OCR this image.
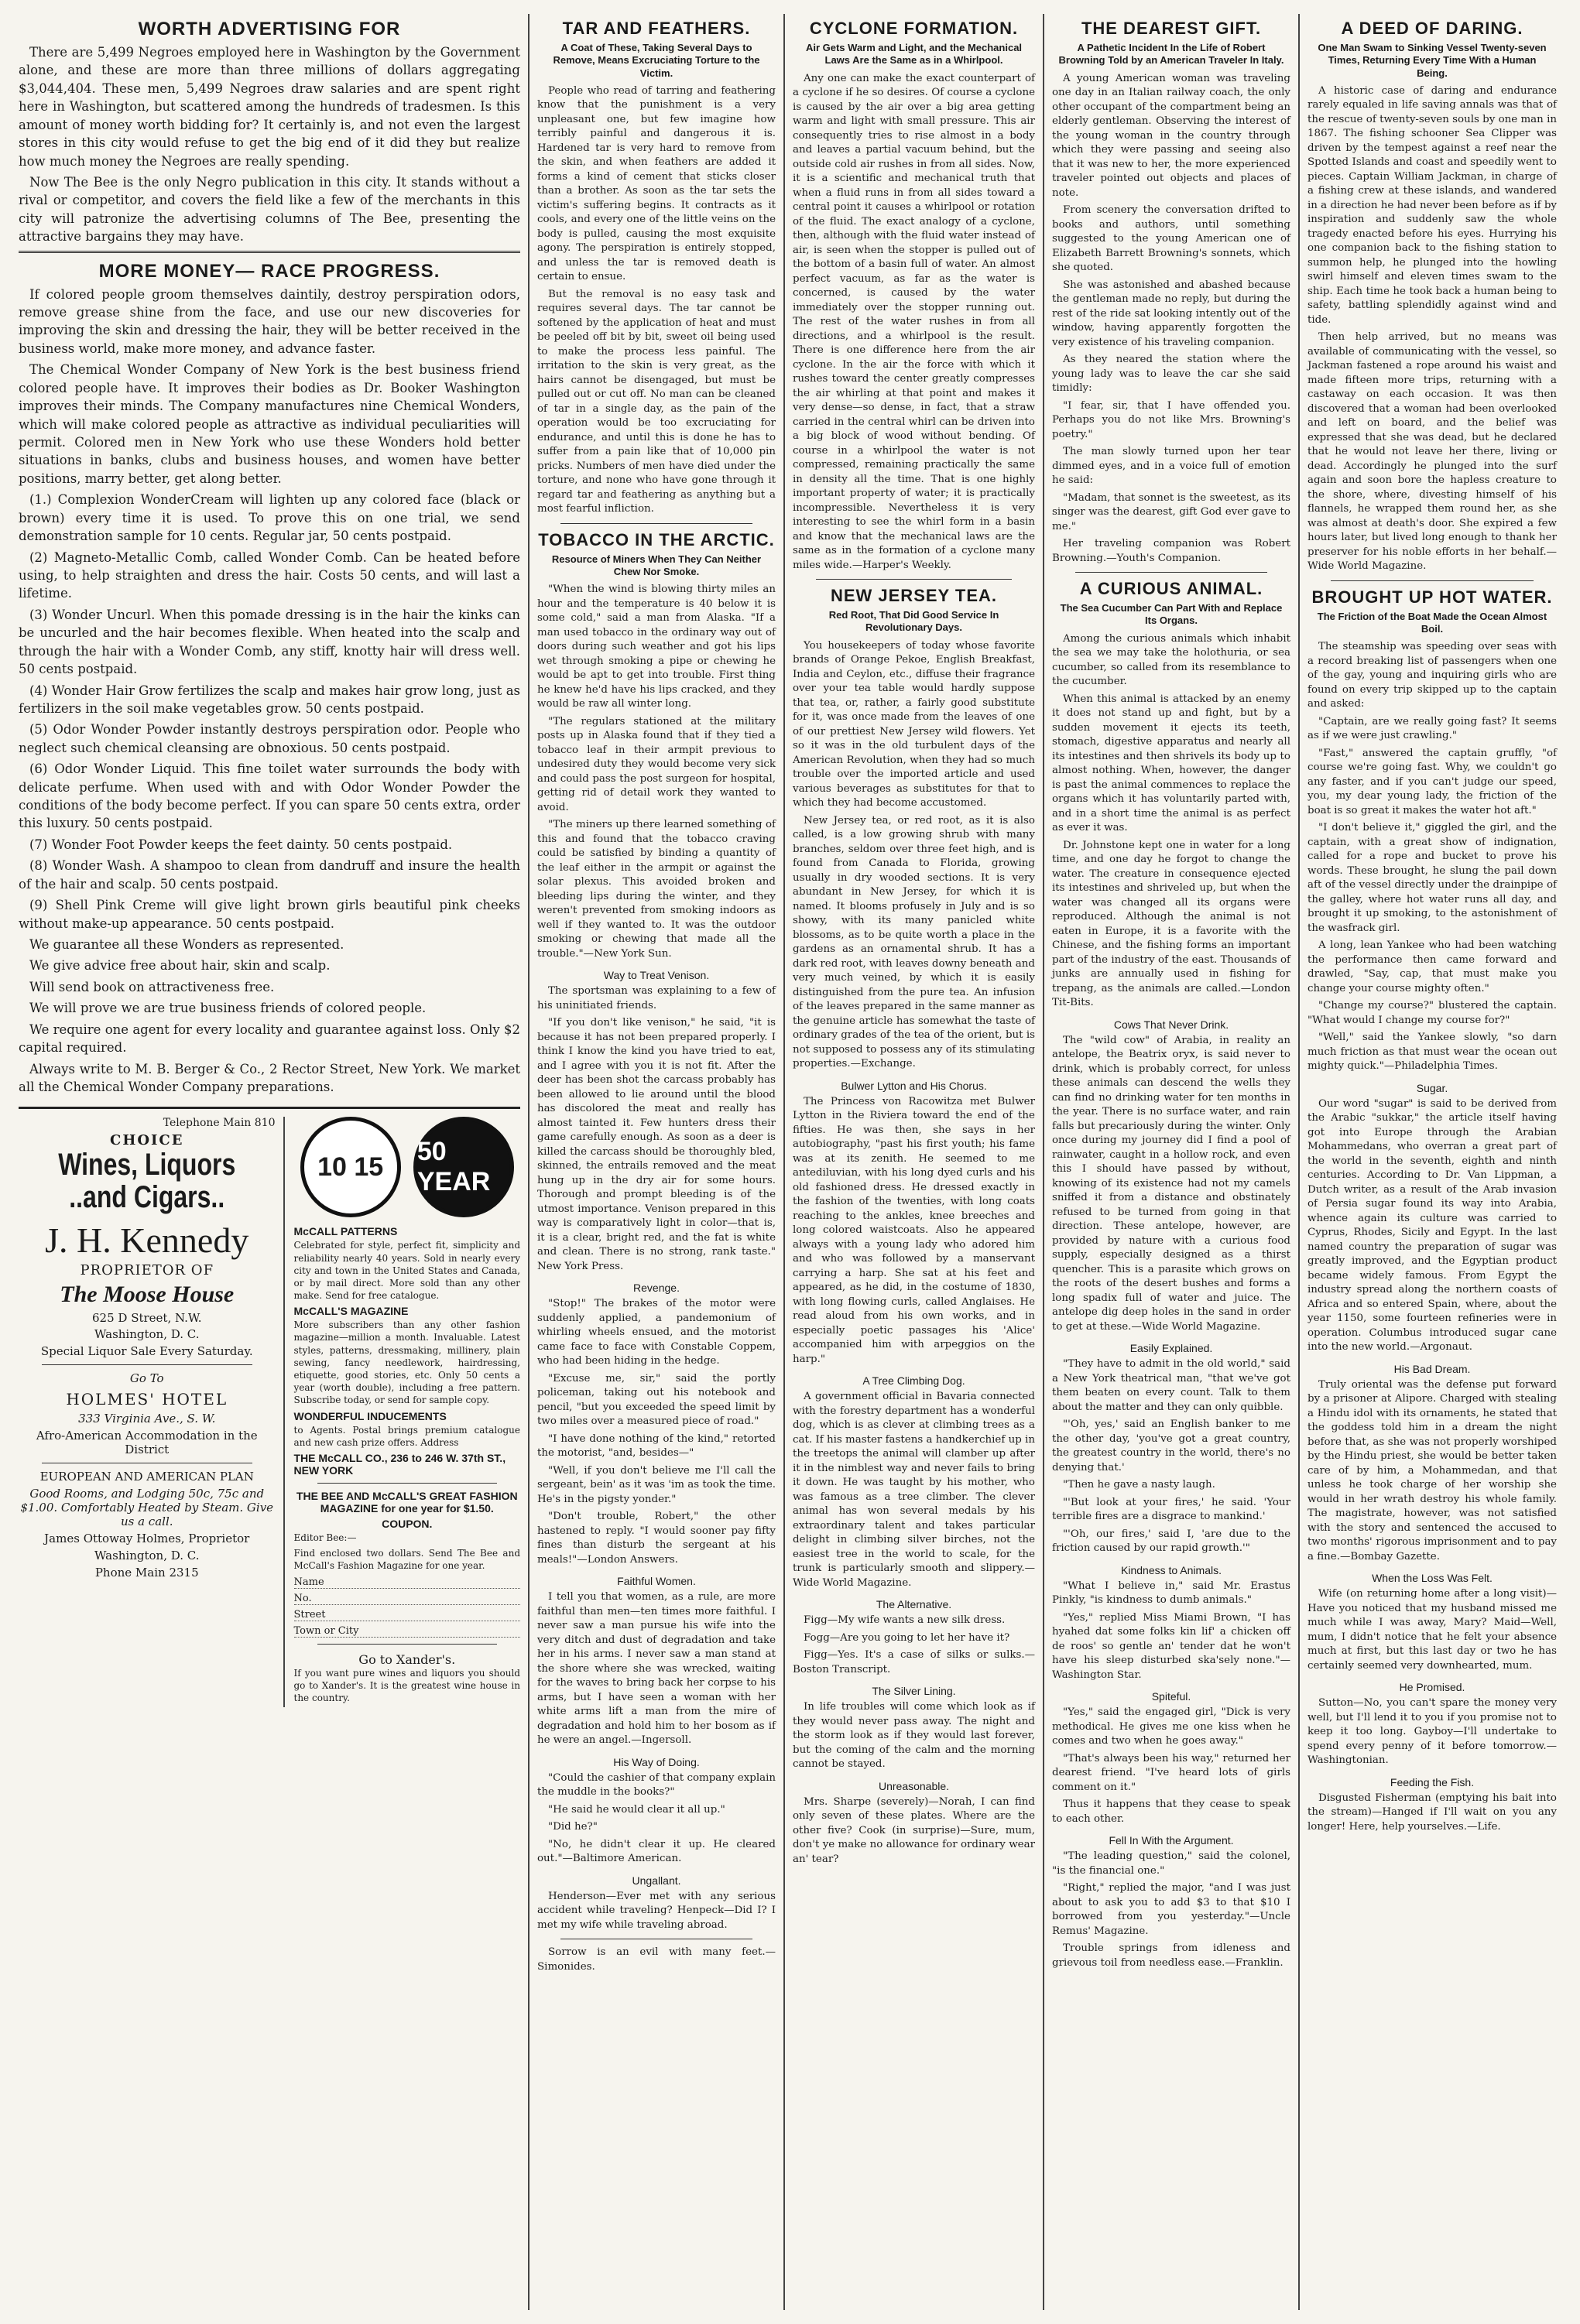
WORTH ADVERTISING FOR

There are 5,499 Negroes employed here in Washington by the Government alone, and these are more than three millions of dollars aggregating $3,044,404. These men, 5,499 Negroes draw salaries and are spent right here in Washington, but scattered among the hundreds of tradesmen. Is this amount of money worth bidding for? It certainly is, and not even the largest stores in this city would refuse to get the big end of it did they but realize how much money the Negroes are really spending.

Now The Bee is the only Negro publication in this city. It stands without a rival or competitor, and covers the field like a few of the merchants in this city will patronize the advertising columns of The Bee, presenting the attractive bargains they may have.

MORE MONEY— RACE PROGRESS.

If colored people groom themselves daintily, destroy perspiration odors, remove grease shine from the face, and use our new discoveries for improving the skin and dressing the hair, they will be better received in the business world, make more money, and advance faster.

The Chemical Wonder Company of New York is the best business friend colored people have. It improves their bodies as Dr. Booker Washington improves their minds. The Company manufactures nine Chemical Wonders, which will make colored people as attractive as individual peculiarities will permit. Colored men in New York who use these Wonders hold better situations in banks, clubs and business houses, and women have better positions, marry better, get along better.

(1.) Complexion WonderCream will lighten up any colored face (black or brown) every time it is used. To prove this on one trial, we send demonstration sample for 10 cents. Regular jar, 50 cents postpaid.

(2) Magneto-Metallic Comb, called Wonder Comb. Can be heated before using, to help straighten and dress the hair. Costs 50 cents, and will last a lifetime.

(3) Wonder Uncurl. When this pomade dressing is in the hair the kinks can be uncurled and the hair becomes flexible. When heated into the scalp and through the hair with a Wonder Comb, any stiff, knotty hair will dress well. 50 cents postpaid.

(4) Wonder Hair Grow fertilizes the scalp and makes hair grow long, just as fertilizers in the soil make vegetables grow. 50 cents postpaid.

(5) Odor Wonder Powder instantly destroys perspiration odor. People who neglect such chemical cleansing are obnoxious. 50 cents postpaid.

(6) Odor Wonder Liquid. This fine toilet water surrounds the body with delicate perfume. When used with and with Odor Wonder Powder the conditions of the body become perfect. If you can spare 50 cents extra, order this luxury. 50 cents postpaid.

(7) Wonder Foot Powder keeps the feet dainty. 50 cents postpaid.

(8) Wonder Wash. A shampoo to clean from dandruff and insure the health of the hair and scalp. 50 cents postpaid.

(9) Shell Pink Creme will give light brown girls beautiful pink cheeks without make-up appearance. 50 cents postpaid.

We guarantee all these Wonders as represented.

We give advice free about hair, skin and scalp.

Will send book on attractiveness free.

We will prove we are true business friends of colored people.

We require one agent for every locality and guarantee against loss. Only $2 capital required.

Always write to M. B. Berger & Co., 2 Rector Street, New York. We market all the Chemical Wonder Company preparations.

Telephone Main 810
CHOICE
Wines, Liquors
..and Cigars..
J. H. Kennedy
PROPRIETOR OF
The Moose House
625 D Street, N.W.
Washington, D. C.
Special Liquor Sale Every Saturday.
Go To
HOLMES' HOTEL
333 Virginia Ave., S. W.
Afro-American Accommodation in the District
EUROPEAN AND AMERICAN PLAN
Good Rooms, and Lodging 50c, 75c and $1.00. Comfortably Heated by Steam. Give us a call.
James Ottoway Holmes, Proprietor
Washington, D. C.
Phone Main 2315
10 15
50 YEAR
McCALL PATTERNS
Celebrated for style, perfect fit, simplicity and reliability nearly 40 years. Sold in nearly every city and town in the United States and Canada, or by mail direct. More sold than any other make. Send for free catalogue.
McCALL'S MAGAZINE
More subscribers than any other fashion magazine—million a month. Invaluable. Latest styles, patterns, dressmaking, millinery, plain sewing, fancy needlework, hairdressing, etiquette, good stories, etc. Only 50 cents a year (worth double), including a free pattern. Subscribe today, or send for sample copy.
WONDERFUL INDUCEMENTS
to Agents. Postal brings premium catalogue and new cash prize offers. Address
THE McCALL CO., 236 to 246 W. 37th ST., NEW YORK
THE BEE AND McCALL'S GREAT FASHION MAGAZINE for one year for $1.50.
COUPON.
Editor Bee:—
Find enclosed two dollars. Send The Bee and McCall's Fashion Magazine for one year.
Name
No.
Street
Town or City
Go to Xander's.
If you want pure wines and liquors you should go to Xander's. It is the greatest wine house in the country.
TAR AND FEATHERS.
A Coat of These, Taking Several Days to Remove, Means Excruciating Torture to the Victim.

People who read of tarring and feathering know that the punishment is a very unpleasant one, but few imagine how terribly painful and dangerous it is. Hardened tar is very hard to remove from the skin, and when feathers are added it forms a kind of cement that sticks closer than a brother. As soon as the tar sets the victim's suffering begins. It contracts as it cools, and every one of the little veins on the body is pulled, causing the most exquisite agony. The perspiration is entirely stopped, and unless the tar is removed death is certain to ensue.

But the removal is no easy task and requires several days. The tar cannot be softened by the application of heat and must be peeled off bit by bit, sweet oil being used to make the process less painful. The irritation to the skin is very great, as the hairs cannot be disengaged, but must be pulled out or cut off. No man can be cleaned of tar in a single day, as the pain of the operation would be too excruciating for endurance, and until this is done he has to suffer from a pain like that of 10,000 pin pricks. Numbers of men have died under the torture, and none who have gone through it regard tar and feathering as anything but a most fearful infliction.

TOBACCO IN THE ARCTIC.
Resource of Miners When They Can Neither Chew Nor Smoke.

"When the wind is blowing thirty miles an hour and the temperature is 40 below it is some cold," said a man from Alaska. "If a man used tobacco in the ordinary way out of doors during such weather and got his lips wet through smoking a pipe or chewing he would be apt to get into trouble. First thing he knew he'd have his lips cracked, and they would be raw all winter long.

"The regulars stationed at the military posts up in Alaska found that if they tied a tobacco leaf in their armpit previous to undesired duty they would become very sick and could pass the post surgeon for hospital, getting rid of detail work they wanted to avoid.

"The miners up there learned something of this and found that the tobacco craving could be satisfied by binding a quantity of the leaf either in the armpit or against the solar plexus. This avoided broken and bleeding lips during the winter, and they weren't prevented from smoking indoors as well if they wanted to. It was the outdoor smoking or chewing that made all the trouble."—New York Sun.

Way to Treat Venison.

The sportsman was explaining to a few of his uninitiated friends.

"If you don't like venison," he said, "it is because it has not been prepared properly. I think I know the kind you have tried to eat, and I agree with you it is not fit. After the deer has been shot the carcass probably has been allowed to lie around until the blood has discolored the meat and really has almost tainted it. Few hunters dress their game carefully enough. As soon as a deer is killed the carcass should be thoroughly bled, skinned, the entrails removed and the meat hung up in the dry air for some hours. Thorough and prompt bleeding is of the utmost importance. Venison prepared in this way is comparatively light in color—that is, it is a clear, bright red, and the fat is white and clean. There is no strong, rank taste." New York Press.

Revenge.

"Stop!" The brakes of the motor were suddenly applied, a pandemonium of whirling wheels ensued, and the motorist came face to face with Constable Coppem, who had been hiding in the hedge.

"Excuse me, sir," said the portly policeman, taking out his notebook and pencil, "but you exceeded the speed limit by two miles over a measured piece of road."

"I have done nothing of the kind," retorted the motorist, "and, besides—"

"Well, if you don't believe me I'll call the sergeant, bein' as it was 'im as took the time. He's in the pigsty yonder."

"Don't trouble, Robert," the other hastened to reply. "I would sooner pay fifty fines than disturb the sergeant at his meals!"—London Answers.

Faithful Women.

I tell you that women, as a rule, are more faithful than men—ten times more faithful. I never saw a man pursue his wife into the very ditch and dust of degradation and take her in his arms. I never saw a man stand at the shore where she was wrecked, waiting for the waves to bring back her corpse to his arms, but I have seen a woman with her white arms lift a man from the mire of degradation and hold him to her bosom as if he were an angel.—Ingersoll.

His Way of Doing.

"Could the cashier of that company explain the muddle in the books?"

"He said he would clear it all up."

"Did he?"

"No, he didn't clear it up. He cleared out."—Baltimore American.

Ungallant.

Henderson—Ever met with any serious accident while traveling? Henpeck—Did I? I met my wife while traveling abroad.

Sorrow is an evil with many feet.—Simonides.

CYCLONE FORMATION.
Air Gets Warm and Light, and the Mechanical Laws Are the Same as in a Whirlpool.

Any one can make the exact counterpart of a cyclone if he so desires. Of course a cyclone is caused by the air over a big area getting warm and light with small pressure. This air consequently tries to rise almost in a body and leaves a partial vacuum behind, but the outside cold air rushes in from all sides. Now, it is a scientific and mechanical truth that when a fluid runs in from all sides toward a central point it causes a whirlpool or rotation of the fluid. The exact analogy of a cyclone, then, although with the fluid water instead of air, is seen when the stopper is pulled out of the bottom of a basin full of water. An almost perfect vacuum, as far as the water is concerned, is caused by the water immediately over the stopper running out. The rest of the water rushes in from all directions, and a whirlpool is the result. There is one difference here from the air cyclone. In the air the force with which it rushes toward the center greatly compresses the air whirling at that point and makes it very dense—so dense, in fact, that a straw carried in the central whirl can be driven into a big block of wood without bending. Of course in a whirlpool the water is not compressed, remaining practically the same in density all the time. That is one highly important property of water; it is practically incompressible. Nevertheless it is very interesting to see the whirl form in a basin and know that the mechanical laws are the same as in the formation of a cyclone many miles wide.—Harper's Weekly.

NEW JERSEY TEA.
Red Root, That Did Good Service In Revolutionary Days.

You housekeepers of today whose favorite brands of Orange Pekoe, English Breakfast, India and Ceylon, etc., diffuse their fragrance over your tea table would hardly suppose that tea, or, rather, a fairly good substitute for it, was once made from the leaves of one of our prettiest New Jersey wild flowers. Yet so it was in the old turbulent days of the American Revolution, when they had so much trouble over the imported article and used various beverages as substitutes for that to which they had become accustomed.

New Jersey tea, or red root, as it is also called, is a low growing shrub with many branches, seldom over three feet high, and is found from Canada to Florida, growing usually in dry wooded sections. It is very abundant in New Jersey, for which it is named. It blooms profusely in July and is so showy, with its many panicled white blossoms, as to be quite worth a place in the gardens as an ornamental shrub. It has a dark red root, with leaves downy beneath and very much veined, by which it is easily distinguished from the pure tea. An infusion of the leaves prepared in the same manner as the genuine article has somewhat the taste of ordinary grades of the tea of the orient, but is not supposed to possess any of its stimulating properties.—Exchange.

Bulwer Lytton and His Chorus.

The Princess von Racowitza met Bulwer Lytton in the Riviera toward the end of the fifties. He was then, she says in her autobiography, "past his first youth; his fame was at its zenith. He seemed to me antediluvian, with his long dyed curls and his old fashioned dress. He dressed exactly in the fashion of the twenties, with long coats reaching to the ankles, knee breeches and long colored waistcoats. Also he appeared always with a young lady who adored him and who was followed by a manservant carrying a harp. She sat at his feet and appeared, as he did, in the costume of 1830, with long flowing curls, called Anglaises. He read aloud from his own works, and in especially poetic passages his 'Alice' accompanied him with arpeggios on the harp."

A Tree Climbing Dog.

A government official in Bavaria connected with the forestry department has a wonderful dog, which is as clever at climbing trees as a cat. If his master fastens a handkerchief up in the treetops the animal will clamber up after it in the nimblest way and never fails to bring it down. He was taught by his mother, who was famous as a tree climber. The clever animal has won several medals by his extraordinary talent and takes particular delight in climbing silver birches, not the easiest tree in the world to scale, for the trunk is particularly smooth and slippery.—Wide World Magazine.

The Alternative.

Figg—My wife wants a new silk dress.

Fogg—Are you going to let her have it?

Figg—Yes. It's a case of silks or sulks.—Boston Transcript.

The Silver Lining.

In life troubles will come which look as if they would never pass away. The night and the storm look as if they would last forever, but the coming of the calm and the morning cannot be stayed.

Unreasonable.

Mrs. Sharpe (severely)—Norah, I can find only seven of these plates. Where are the other five? Cook (in surprise)—Sure, mum, don't ye make no allowance for ordinary wear an' tear?

THE DEAREST GIFT.
A Pathetic Incident In the Life of Robert Browning Told by an American Traveler In Italy.

A young American woman was traveling one day in an Italian railway coach, the only other occupant of the compartment being an elderly gentleman. Observing the interest of the young woman in the country through which they were passing and seeing also that it was new to her, the more experienced traveler pointed out objects and places of note.

From scenery the conversation drifted to books and authors, until something suggested to the young American one of Elizabeth Barrett Browning's sonnets, which she quoted.

She was astonished and abashed because the gentleman made no reply, but during the rest of the ride sat looking intently out of the window, having apparently forgotten the very existence of his traveling companion.

As they neared the station where the young lady was to leave the car she said timidly:

"I fear, sir, that I have offended you. Perhaps you do not like Mrs. Browning's poetry."

The man slowly turned upon her tear dimmed eyes, and in a voice full of emotion he said:

"Madam, that sonnet is the sweetest, as its singer was the dearest, gift God ever gave to me."

Her traveling companion was Robert Browning.—Youth's Companion.

A CURIOUS ANIMAL.
The Sea Cucumber Can Part With and Replace Its Organs.

Among the curious animals which inhabit the sea we may take the holothuria, or sea cucumber, so called from its resemblance to the cucumber.

When this animal is attacked by an enemy it does not stand up and fight, but by a sudden movement it ejects its teeth, stomach, digestive apparatus and nearly all its intestines and then shrivels its body up to almost nothing. When, however, the danger is past the animal commences to replace the organs which it has voluntarily parted with, and in a short time the animal is as perfect as ever it was.

Dr. Johnstone kept one in water for a long time, and one day he forgot to change the water. The creature in consequence ejected its intestines and shriveled up, but when the water was changed all its organs were reproduced. Although the animal is not eaten in Europe, it is a favorite with the Chinese, and the fishing forms an important part of the industry of the east. Thousands of junks are annually used in fishing for trepang, as the animals are called.—London Tit-Bits.

Cows That Never Drink.

The "wild cow" of Arabia, in reality an antelope, the Beatrix oryx, is said never to drink, which is probably correct, for unless these animals can descend the wells they can find no drinking water for ten months in the year. There is no surface water, and rain falls but precariously during the winter. Only once during my journey did I find a pool of rainwater, caught in a hollow rock, and even this I should have passed by without, knowing of its existence had not my camels sniffed it from a distance and obstinately refused to be turned from going in that direction. These antelope, however, are provided by nature with a curious food supply, especially designed as a thirst quencher. This is a parasite which grows on the roots of the desert bushes and forms a long spadix full of water and juice. The antelope dig deep holes in the sand in order to get at these.—Wide World Magazine.

Easily Explained.

"They have to admit in the old world," said a New York theatrical man, "that we've got them beaten on every count. Talk to them about the matter and they can only quibble.

"'Oh, yes,' said an English banker to me the other day, 'you've got a great country, the greatest country in the world, there's no denying that.'

"Then he gave a nasty laugh.

"'But look at your fires,' he said. 'Your terrible fires are a disgrace to mankind.'

"'Oh, our fires,' said I, 'are due to the friction caused by our rapid growth.'"

Kindness to Animals.

"What I believe in," said Mr. Erastus Pinkly, "is kindness to dumb animals."

"Yes," replied Miss Miami Brown, "I has hyahed dat some folks kin lif' a chicken off de roos' so gentle an' tender dat he won't have his sleep disturbed ska'sely none."—Washington Star.

Spiteful.

"Yes," said the engaged girl, "Dick is very methodical. He gives me one kiss when he comes and two when he goes away."

"That's always been his way," returned her dearest friend. "I've heard lots of girls comment on it."

Thus it happens that they cease to speak to each other.

Fell In With the Argument.

"The leading question," said the colonel, "is the financial one."

"Right," replied the major, "and I was just about to ask you to add $3 to that $10 I borrowed from you yesterday."—Uncle Remus' Magazine.

Trouble springs from idleness and grievous toil from needless ease.—Franklin.

A DEED OF DARING.
One Man Swam to Sinking Vessel Twenty-seven Times, Returning Every Time With a Human Being.

A historic case of daring and endurance rarely equaled in life saving annals was that of the rescue of twenty-seven souls by one man in 1867. The fishing schooner Sea Clipper was driven by the tempest against a reef near the Spotted Islands and coast and speedily went to pieces. Captain William Jackman, in charge of a fishing crew at these islands, and wandered in a direction he had never been before as if by inspiration and suddenly saw the whole tragedy enacted before his eyes. Hurrying his one companion back to the fishing station to summon help, he plunged into the howling swirl himself and eleven times swam to the ship. Each time he took back a human being to safety, battling splendidly against wind and tide.

Then help arrived, but no means was available of communicating with the vessel, so Jackman fastened a rope around his waist and made fifteen more trips, returning with a castaway on each occasion. It was then discovered that a woman had been overlooked and left on board, and the belief was expressed that she was dead, but he declared that he would not leave her there, living or dead. Accordingly he plunged into the surf again and soon bore the hapless creature to the shore, where, divesting himself of his flannels, he wrapped them round her, as she was almost at death's door. She expired a few hours later, but lived long enough to thank her preserver for his noble efforts in her behalf.—Wide World Magazine.

BROUGHT UP HOT WATER.
The Friction of the Boat Made the Ocean Almost Boil.

The steamship was speeding over seas with a record breaking list of passengers when one of the gay, young and inquiring girls who are found on every trip skipped up to the captain and asked:

"Captain, are we really going fast? It seems as if we were just crawling."

"Fast," answered the captain gruffly, "of course we're going fast. Why, we couldn't go any faster, and if you can't judge our speed, you, my dear young lady, the friction of the boat is so great it makes the water hot aft."

"I don't believe it," giggled the girl, and the captain, with a great show of indignation, called for a rope and bucket to prove his words. These brought, he slung the pail down aft of the vessel directly under the drainpipe of the galley, where hot water runs all day, and brought it up smoking, to the astonishment of the wasfrack girl.

A long, lean Yankee who had been watching the performance then came forward and drawled, "Say, cap, that must make you change your course mighty often."

"Change my course?" blustered the captain. "What would I change my course for?"

"Well," said the Yankee slowly, "so darn much friction as that must wear the ocean out mighty quick."—Philadelphia Times.

Sugar.

Our word "sugar" is said to be derived from the Arabic "sukkar," the article itself having got into Europe through the Arabian Mohammedans, who overran a great part of the world in the seventh, eighth and ninth centuries. According to Dr. Van Lippman, a Dutch writer, as a result of the Arab invasion of Persia sugar found its way into Arabia, whence again its culture was carried to Cyprus, Rhodes, Sicily and Egypt. In the last named country the preparation of sugar was greatly improved, and the Egyptian product became widely famous. From Egypt the industry spread along the northern coasts of Africa and so entered Spain, where, about the year 1150, some fourteen refineries were in operation. Columbus introduced sugar cane into the new world.—Argonaut.

His Bad Dream.

Truly oriental was the defense put forward by a prisoner at Alipore. Charged with stealing a Hindu idol with its ornaments, he stated that the goddess told him in a dream the night before that, as she was not properly worshiped by the Hindu priest, she would be better taken care of by him, a Mohammedan, and that unless he took charge of her worship she would in her wrath destroy his whole family. The magistrate, however, was not satisfied with the story and sentenced the accused to two months' rigorous imprisonment and to pay a fine.—Bombay Gazette.

When the Loss Was Felt.

Wife (on returning home after a long visit)—Have you noticed that my husband missed me much while I was away, Mary? Maid—Well, mum, I didn't notice that he felt your absence much at first, but this last day or two he has certainly seemed very downhearted, mum.

He Promised.

Sutton—No, you can't spare the money very well, but I'll lend it to you if you promise not to keep it too long. Gayboy—I'll undertake to spend every penny of it before tomorrow.—Washingtonian.

Feeding the Fish.

Disgusted Fisherman (emptying his bait into the stream)—Hanged if I'll wait on you any longer! Here, help yourselves.—Life.
